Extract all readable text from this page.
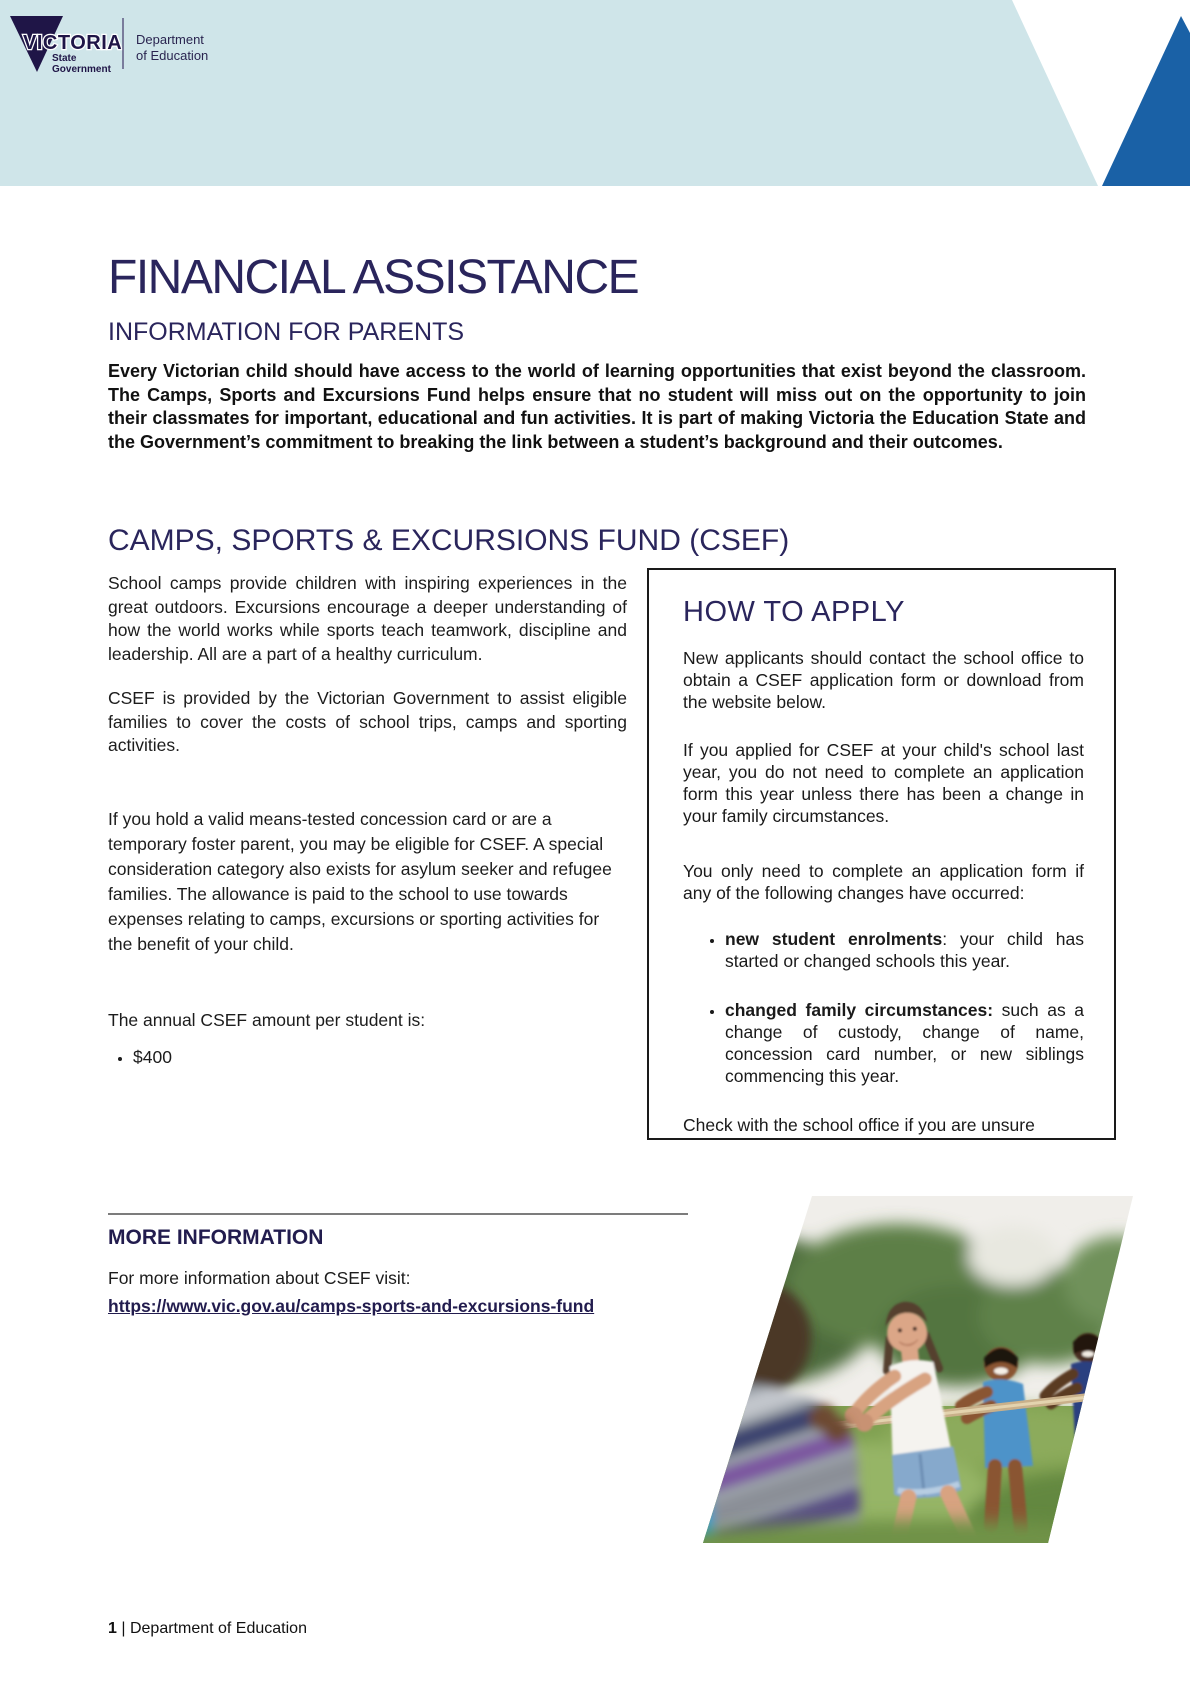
VICTORIA
State
Government
Department
of Education
FINANCIAL ASSISTANCE
INFORMATION FOR PARENTS

Every Victorian child should have access to the world of learning opportunities that exist beyond the classroom. The Camps, Sports and Excursions Fund helps ensure that no student will miss out on the opportunity to join their classmates for important, educational and fun activities. It is part of making Victoria the Education State and the Government’s commitment to breaking the link between a student’s background and their outcomes.

CAMPS, SPORTS & EXCURSIONS FUND (CSEF)

School camps provide children with inspiring experiences in the great outdoors. Excursions encourage a deeper understanding of how the world works while sports teach teamwork, discipline and leadership. All are a part of a healthy curriculum.

CSEF is provided by the Victorian Government to assist eligible families to cover the costs of school trips, camps and sporting activities.

If you hold a valid means-tested concession card or are a temporary foster parent, you may be eligible for CSEF. A special consideration category also exists for asylum seeker and refugee families. The allowance is paid to the school to use towards expenses relating to camps, excursions or sporting activities for the benefit of your child.

The annual CSEF amount per student is:

• $400
HOW TO APPLY

New applicants should contact the school office to obtain a CSEF application form or download from the website below.

If you applied for CSEF at your child's school last year, you do not need to complete an application form this year unless there has been a change in your family circumstances.

You only need to complete an application form if any of the following changes have occurred:

• new student enrolments: your child has started or changed schools this year.
• changed family circumstances: such as a change of custody, change of name, concession card number, or new siblings commencing this year.

Check with the school office if you are unsure

MORE INFORMATION
For more information about CSEF visit:
https://www.vic.gov.au/camps-sports-and-excursions-fund
1 | Department of Education
